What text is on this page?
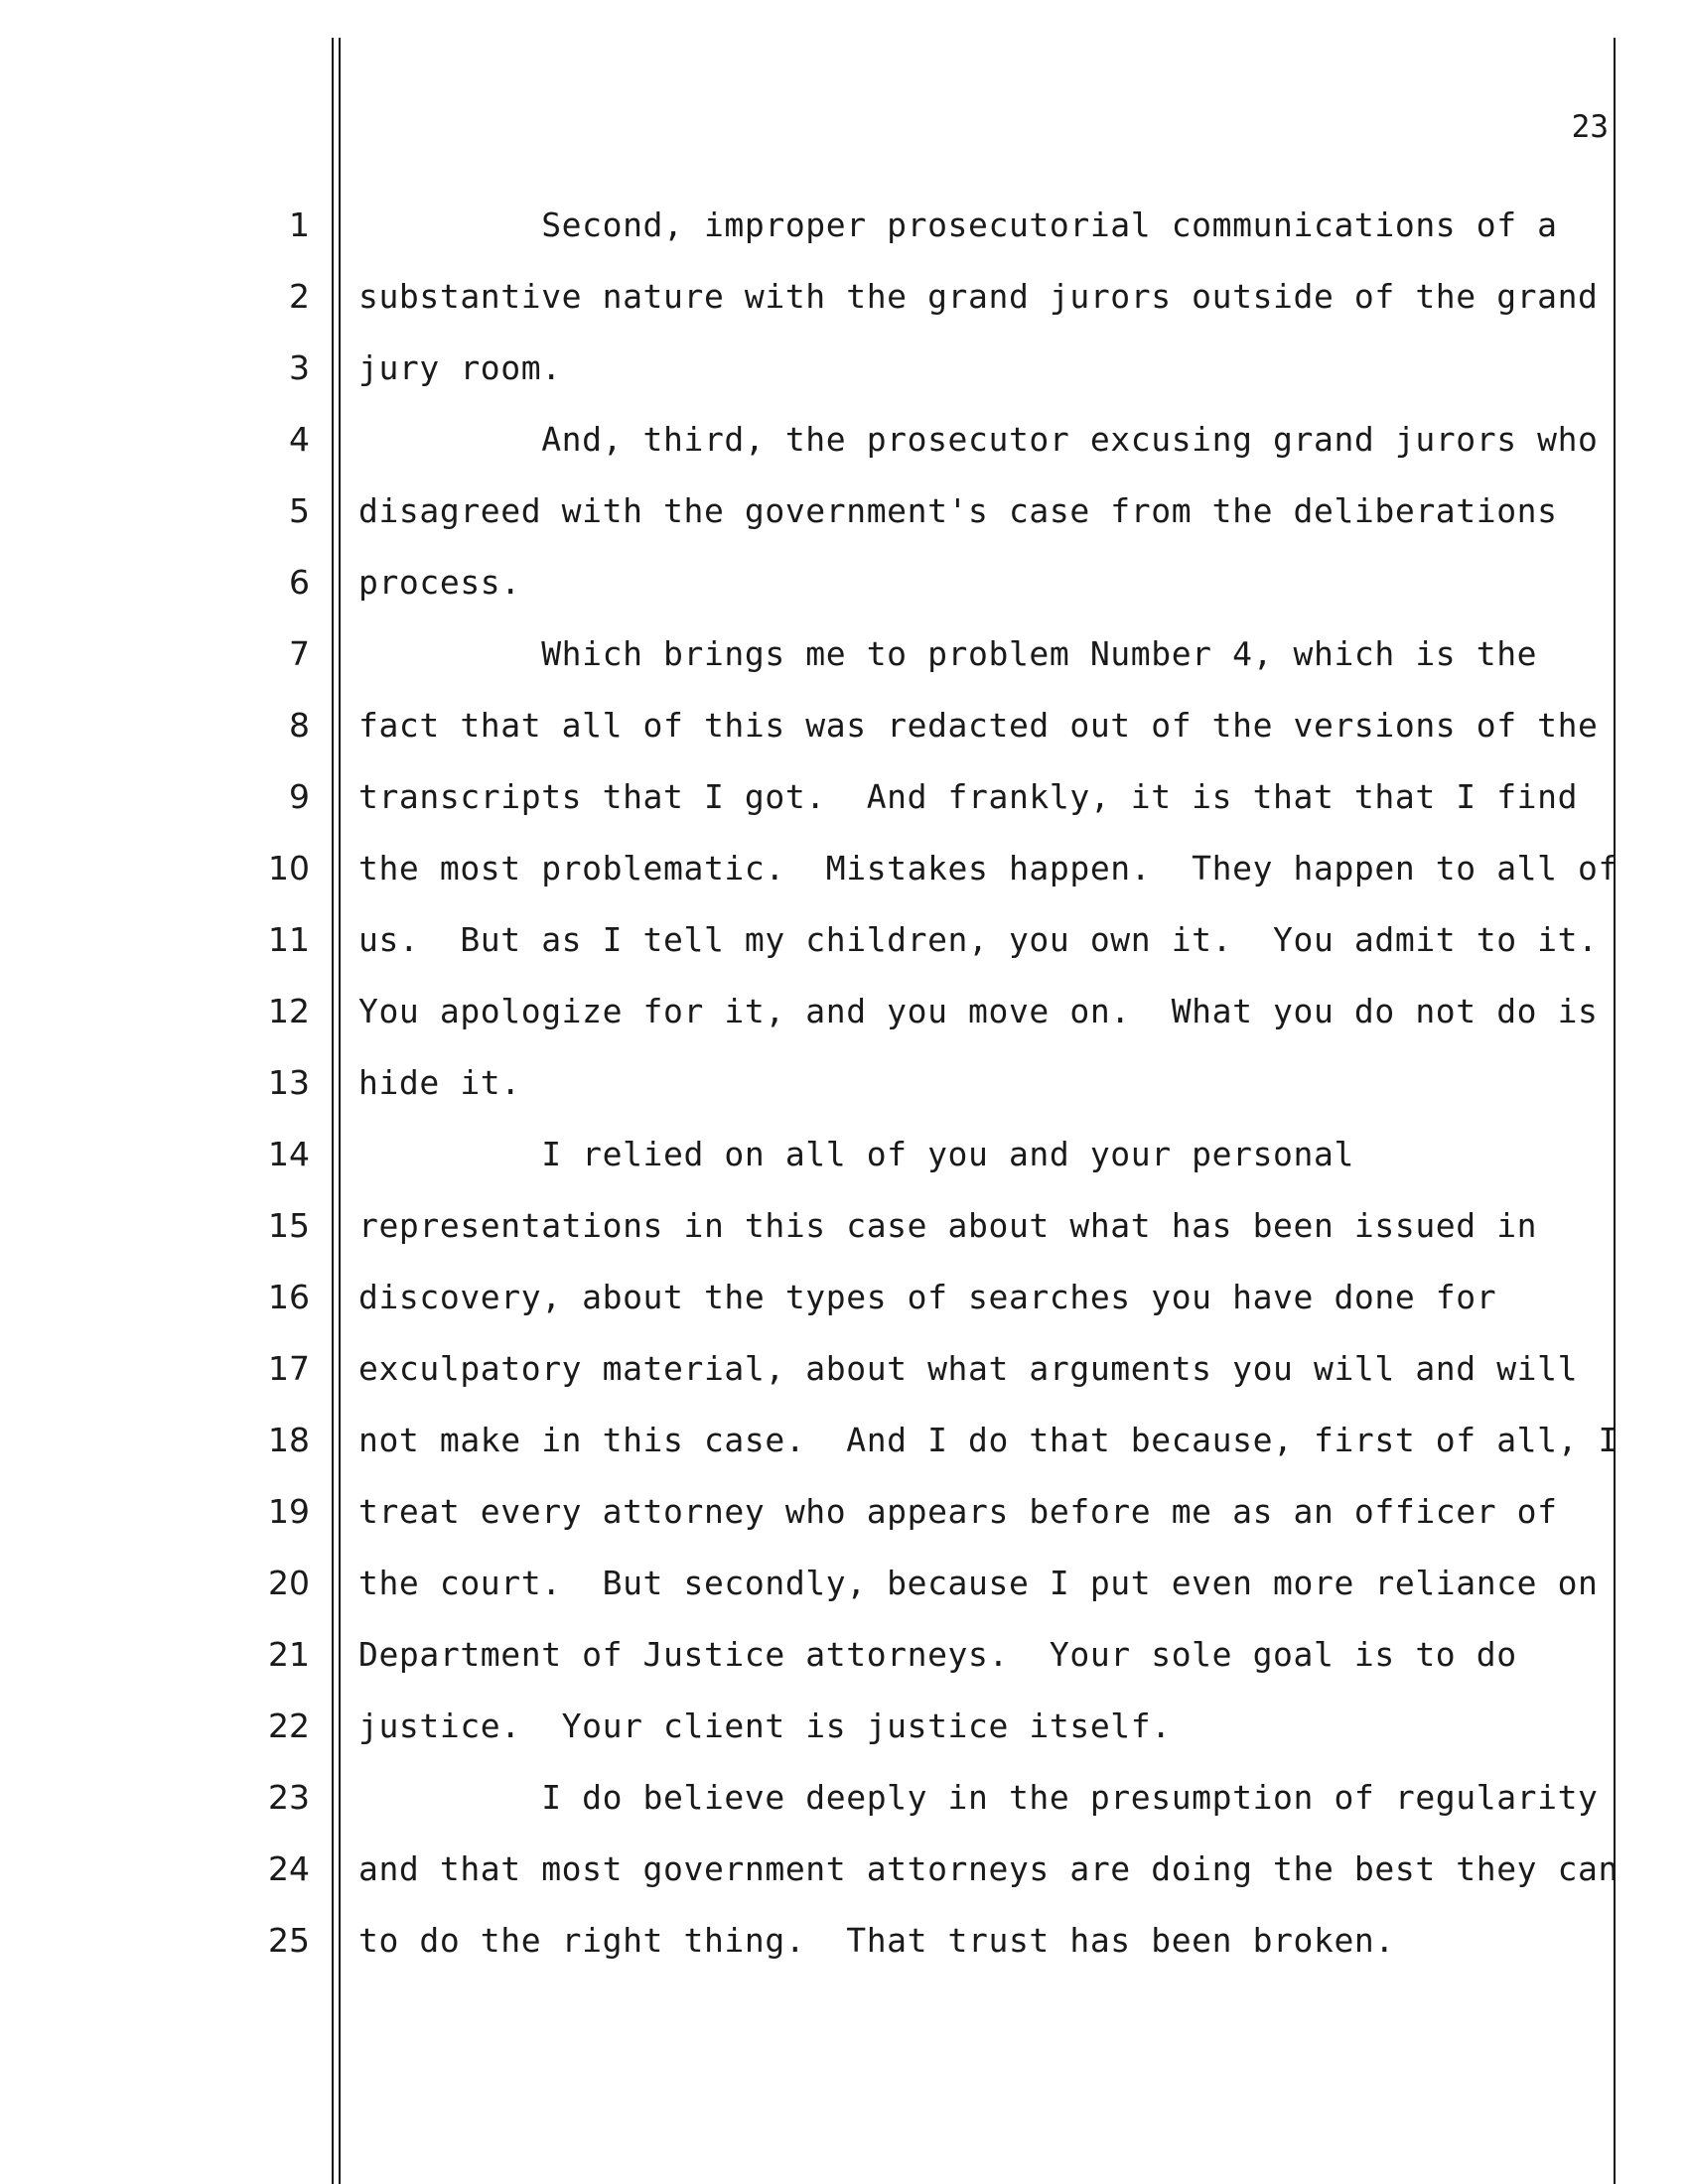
23
1 Second, improper prosecutorial communications of a
2 substantive nature with the grand jurors outside of the grand
3 jury room.
4 And, third, the prosecutor excusing grand jurors who
5 disagreed with the government's case from the deliberations
6 process.
7 Which brings me to problem Number 4, which is the
8 fact that all of this was redacted out of the versions of the
9 transcripts that I got.  And frankly, it is that that I find
10 the most problematic.  Mistakes happen.  They happen to all of
11 us.  But as I tell my children, you own it.  You admit to it.
12 You apologize for it, and you move on.  What you do not do is
13 hide it.
14 I relied on all of you and your personal
15 representations in this case about what has been issued in
16 discovery, about the types of searches you have done for
17 exculpatory material, about what arguments you will and will
18 not make in this case.  And I do that because, first of all, I
19 treat every attorney who appears before me as an officer of
20 the court.  But secondly, because I put even more reliance on
21 Department of Justice attorneys.  Your sole goal is to do
22 justice.  Your client is justice itself.
23 I do believe deeply in the presumption of regularity
24 and that most government attorneys are doing the best they can
25 to do the right thing.  That trust has been broken.
